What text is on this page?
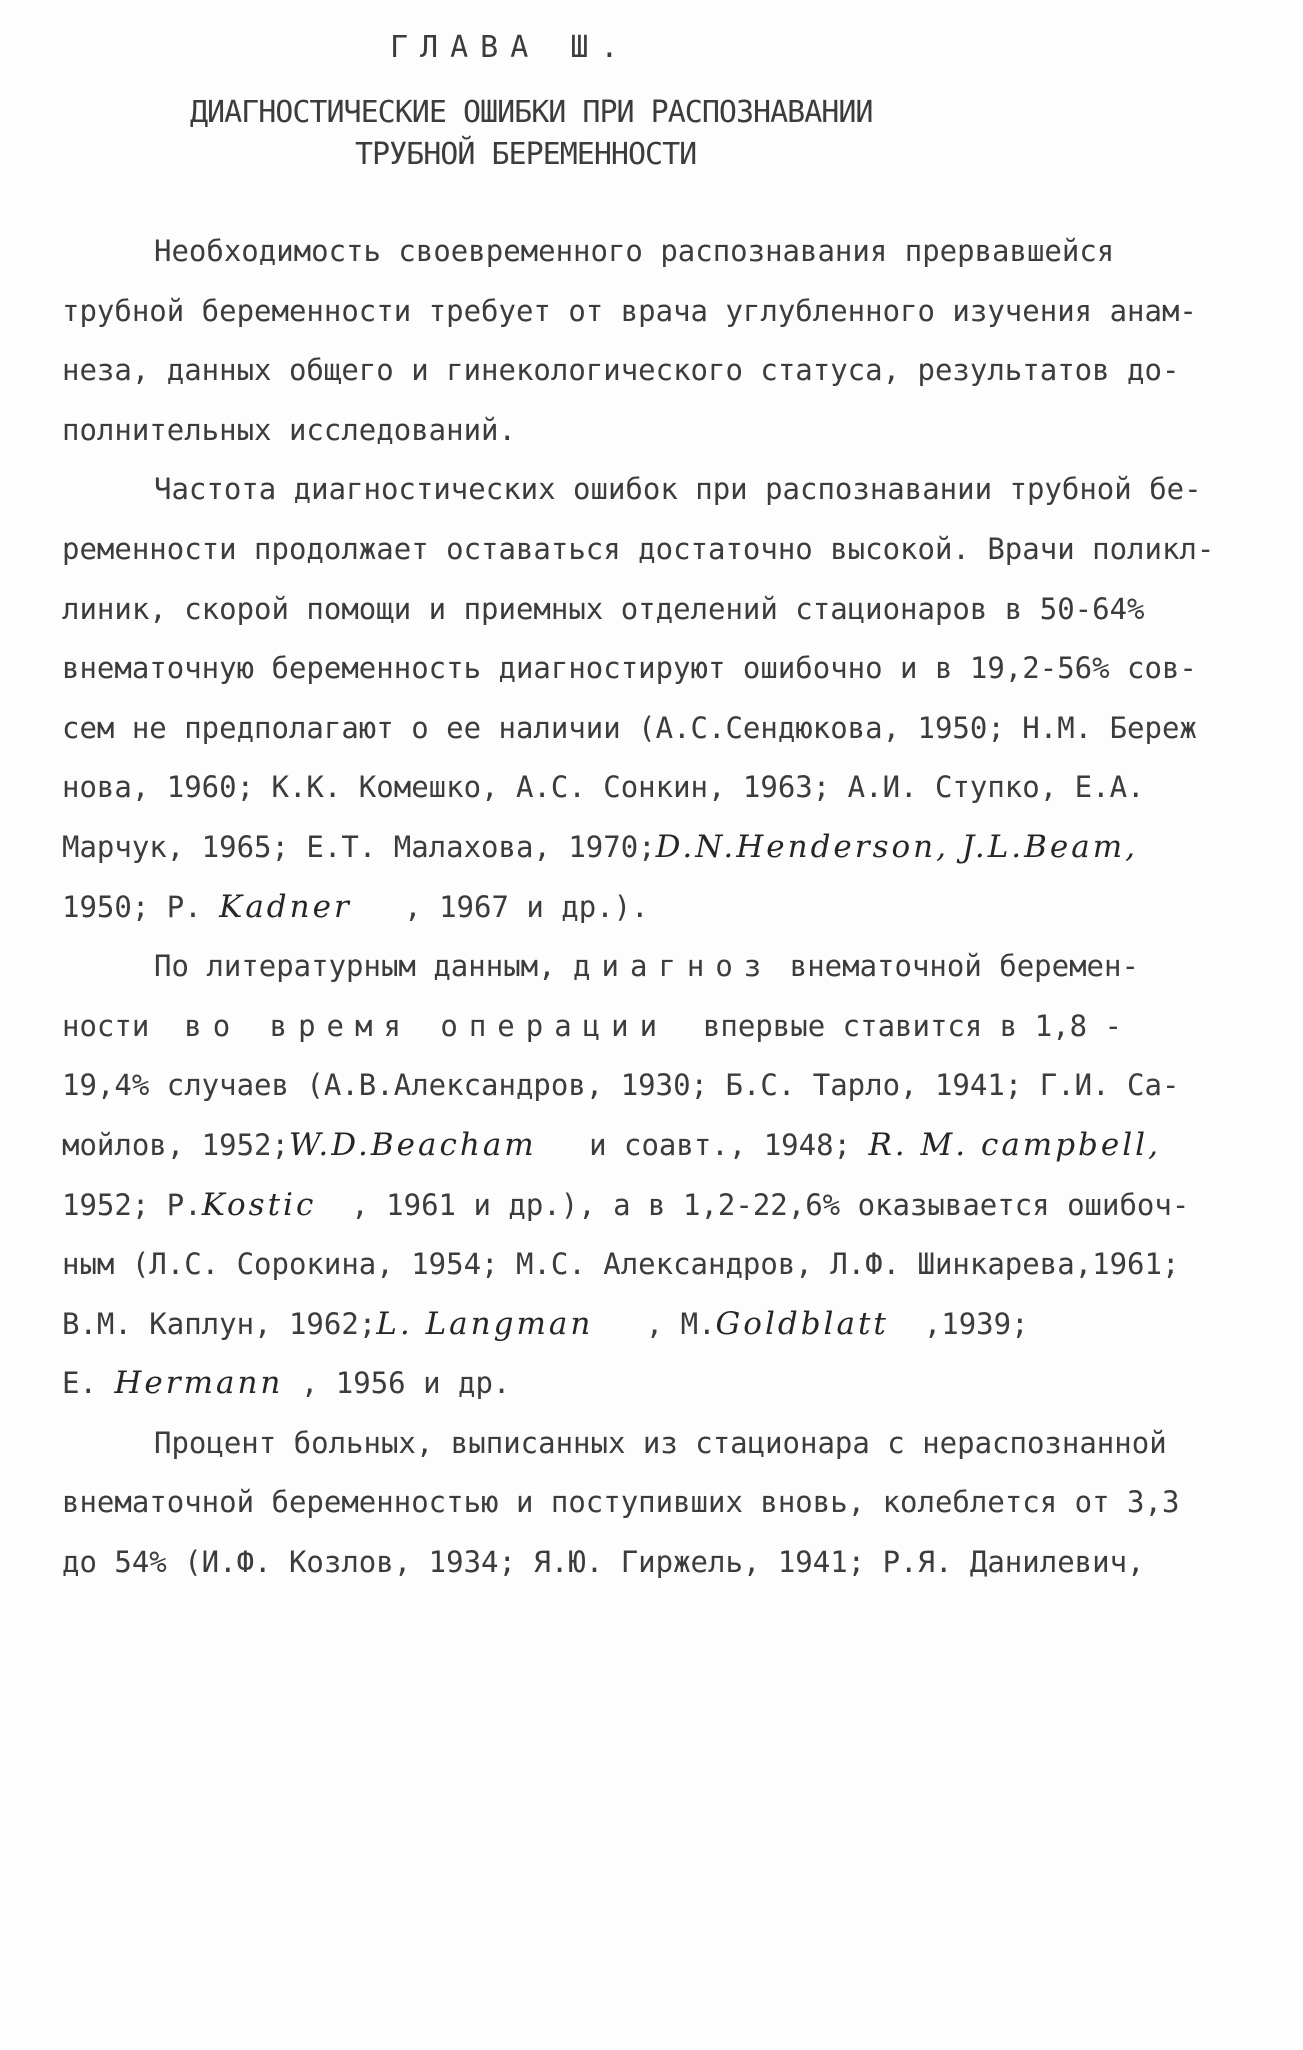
ГЛАВА Ш.
ДИАГНОСТИЧЕСКИЕ ОШИБКИ ПРИ РАСПОЗНАВАНИИ
ТРУБНОЙ БЕРЕМЕННОСТИ
Необходимость своевременного распознавания прервавшейся
трубной беременности требует от врача углубленного изучения анам-
неза, данных общего и гинекологического статуса, результатов до-
полнительных исследований.
Частота диагностических ошибок при распознавании трубной бе-
ременности продолжает оставаться достаточно высокой. Врачи поликл-
линик, скорой помощи и приемных отделений стационаров в 50-64%
внематочную беременность диагностируют ошибочно и в 19,2-56% сов-
сем не предполагают о ее наличии (А.С.Сендюкова, 1950; Н.М. Береж
нова, 1960; К.К. Комешко, А.С. Сонкин, 1963; А.И. Ступко, Е.А.
Марчук, 1965; Е.Т. Малахова, 1970;D.N.Henderson, J.L.Beam,
1950; P. Kadner , 1967 и др.).
По литературным данным, диагноз внематочной беремен-
ности во время операции впервые ставится в 1,8 -
19,4% случаев (А.В.Александров, 1930; Б.С. Тарло, 1941; Г.И. Са-
мойлов, 1952;W.D.Beacham и соавт., 1948; R. M. campbell,
1952; P.Kostic , 1961 и др.), а в 1,2-22,6% оказывается ошибоч-
ным (Л.С. Сорокина, 1954; М.С. Александров, Л.Ф. Шинкарева,1961;
В.М. Каплун, 1962;L. Langman , M.Goldblatt ,1939;
E. Hermann , 1956 и др.
Процент больных, выписанных из стационара с нераспознанной
внематочной беременностью и поступивших вновь, колеблется от 3,3
до 54% (И.Ф. Козлов, 1934; Я.Ю. Гиржель, 1941; Р.Я. Данилевич,
